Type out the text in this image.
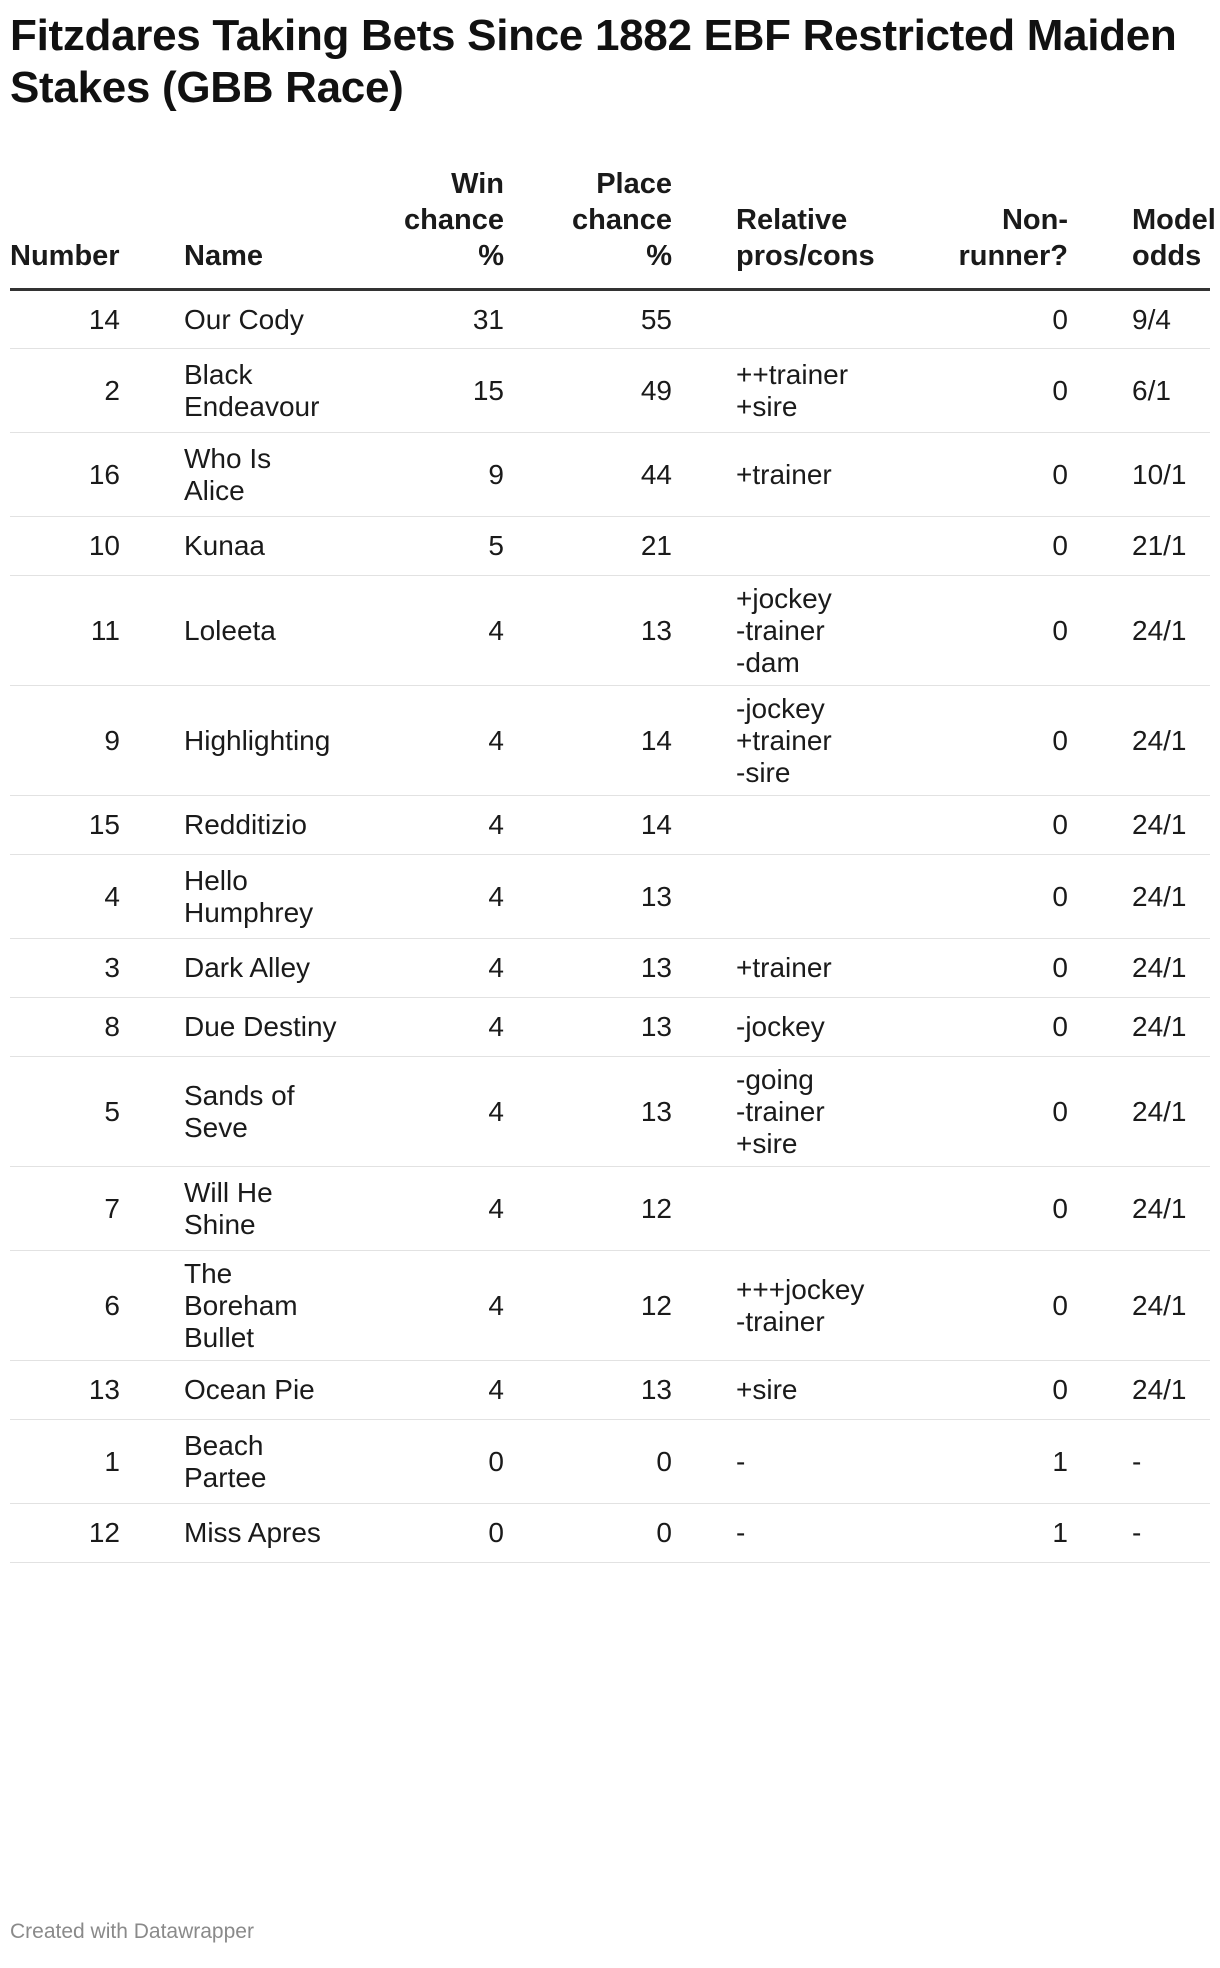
Fitzdares Taking Bets Since 1882 EBF Restricted Maiden Stakes (GBB Race)
Number		Name	Win
chance
%	Place
chance
%		Relative
pros/cons	Non-
runner?		Model
odds

14		Our Cody	31	55			0		9/4
2		Black
Endeavour	15	49		++trainer
+sire	0		6/1
16		Who Is
Alice	9	44		+trainer	0		10/1
10		Kunaa	5	21			0		21/1
11		Loleeta	4	13		+jockey
-trainer
-dam	0		24/1
9		Highlighting	4	14		-jockey
+trainer
-sire	0		24/1
15		Redditizio	4	14			0		24/1
4		Hello
Humphrey	4	13			0		24/1
3		Dark Alley	4	13		+trainer	0		24/1
8		Due Destiny	4	13		-jockey	0		24/1
5		Sands of
Seve	4	13		-going
-trainer
+sire	0		24/1
7		Will He
Shine	4	12			0		24/1
6		The
Boreham
Bullet	4	12		+++jockey
-trainer	0		24/1
13		Ocean Pie	4	13		+sire	0		24/1
1		Beach
Partee	0	0		-	1		-
12		Miss Apres	0	0		-	1		-
Created with Datawrapper
